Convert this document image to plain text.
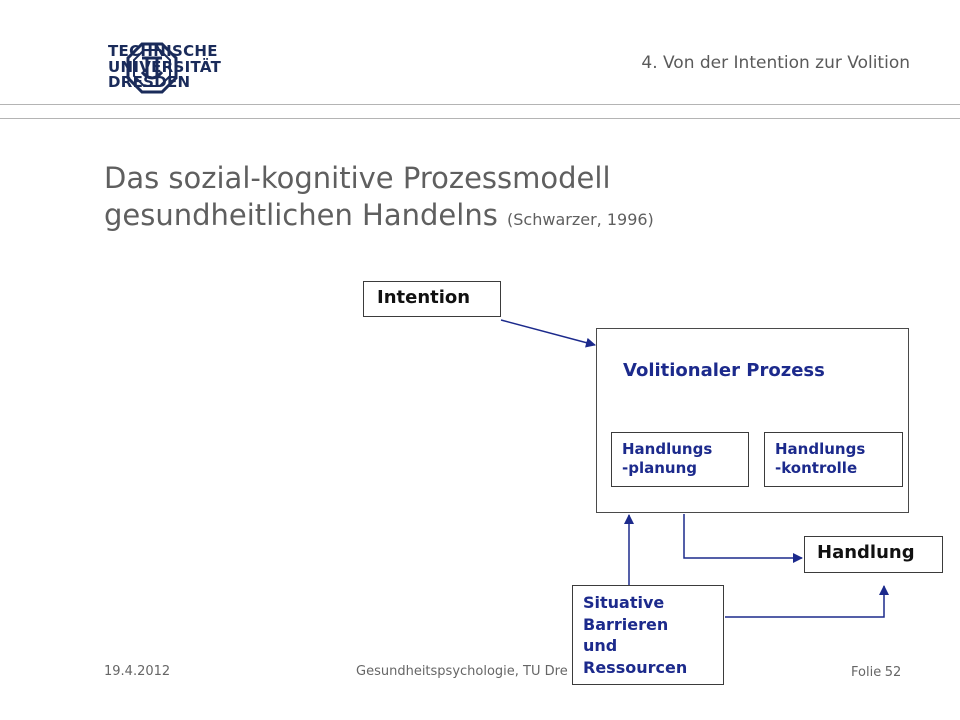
TECHNISCHE
UNIVERSITÄT
DRESDEN
4. Von der Intention zur Volition
Das sozial-kognitive Prozessmodell
gesundheitlichen Handelns (Schwarzer, 1996)
Intention
Volitionaler Prozess
Handlungs
-planung
Handlungs
-kontrolle
Handlung
19.4.2012	Gesundheitspsychologie, TU Dre	Folie 52
Situative
Barrieren
und
Ressourcen
